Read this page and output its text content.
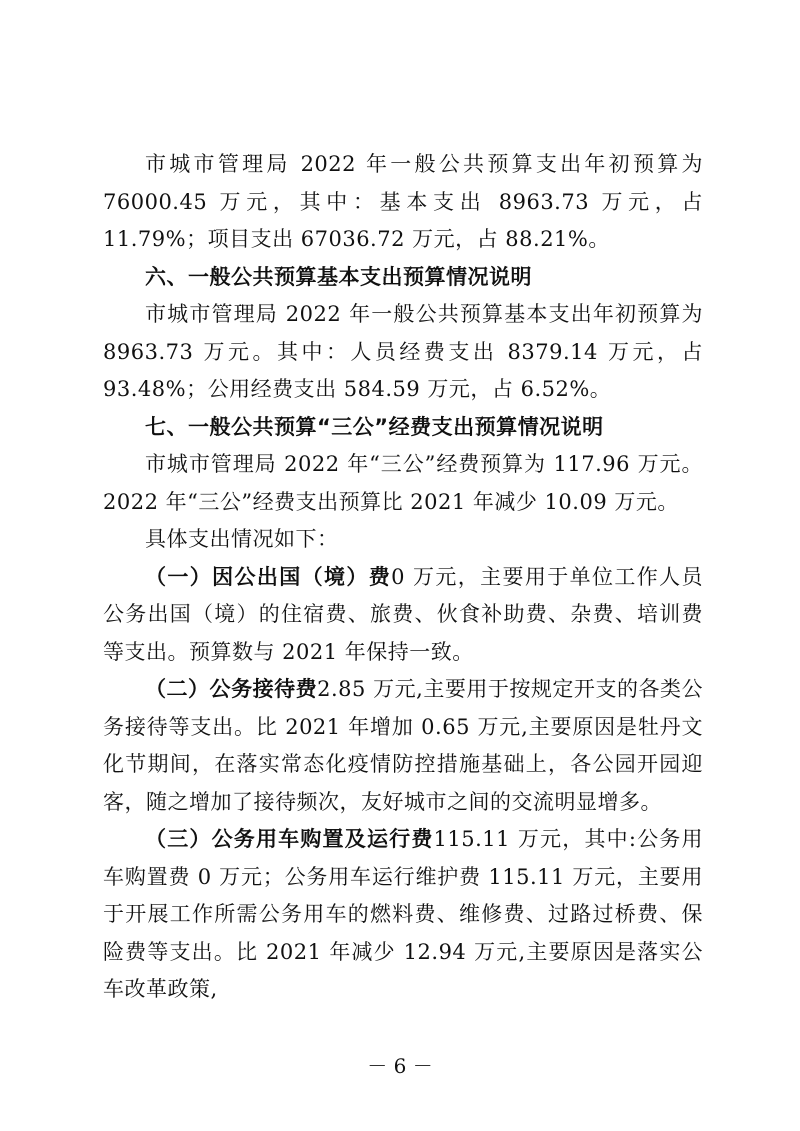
市城市管理局 2022 年一般公共预算支出年初预算为76000.45 万元，其中：基本支出 8963.73 万元，占 11.79%；项目支出 67036.72 万元，占 88.21%。

六、一般公共预算基本支出预算情况说明

市城市管理局 2022 年一般公共预算基本支出年初预算为8963.73 万元。其中：人员经费支出 8379.14 万元，占 93.48%；公用经费支出 584.59 万元，占 6.52%。

七、一般公共预算“三公”经费支出预算情况说明

市城市管理局 2022 年“三公”经费预算为 117.96 万元。2022 年“三公”经费支出预算比 2021 年减少 10.09 万元。

具体支出情况如下：

（一）因公出国（境）费0 万元，主要用于单位工作人员公务出国（境）的住宿费、旅费、伙食补助费、杂费、培训费等支出。预算数与 2021 年保持一致。

（二）公务接待费2.85 万元,主要用于按规定开支的各类公务接待等支出。比 2021 年增加 0.65 万元,主要原因是牡丹文化节期间，在落实常态化疫情防控措施基础上，各公园开园迎客，随之增加了接待频次，友好城市之间的交流明显增多。

（三）公务用车购置及运行费115.11 万元，其中:公务用车购置费 0 万元；公务用车运行维护费 115.11 万元，主要用于开展工作所需公务用车的燃料费、维修费、过路过桥费、保险费等支出。比 2021 年减少 12.94 万元,主要原因是落实公车改革政策,

－ 6 －
